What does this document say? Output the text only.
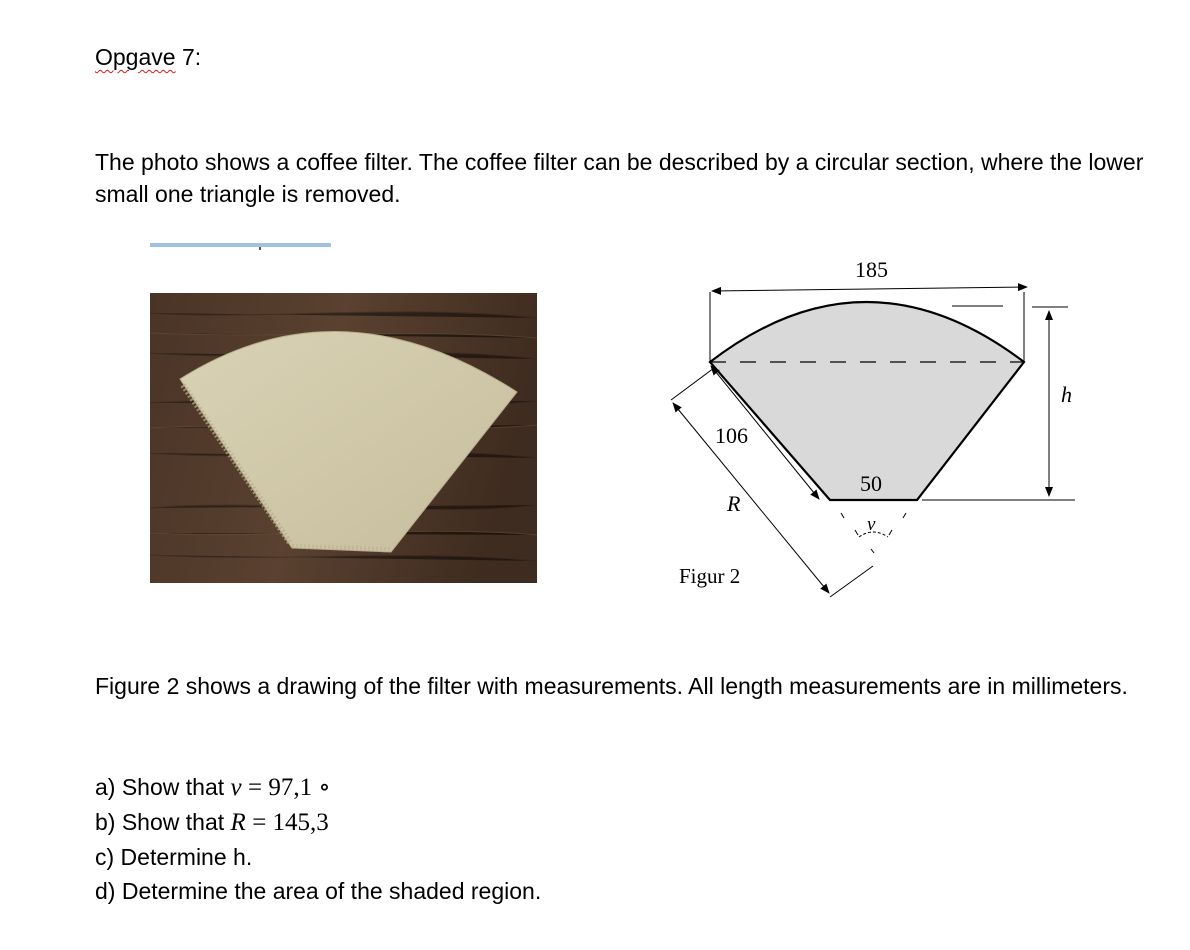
Opgave 7:
The photo shows a coffee filter. The coffee filter can be described by a circular section, where the lower small one triangle is removed.
185
h
106
R
50
v
Figur 2
Figure 2 shows a drawing of the filter with measurements. All length measurements are in millimeters.
a) Show that v = 97,1 ∘
b) Show that R = 145,3
c) Determine h.
d) Determine the area of the shaded region.
